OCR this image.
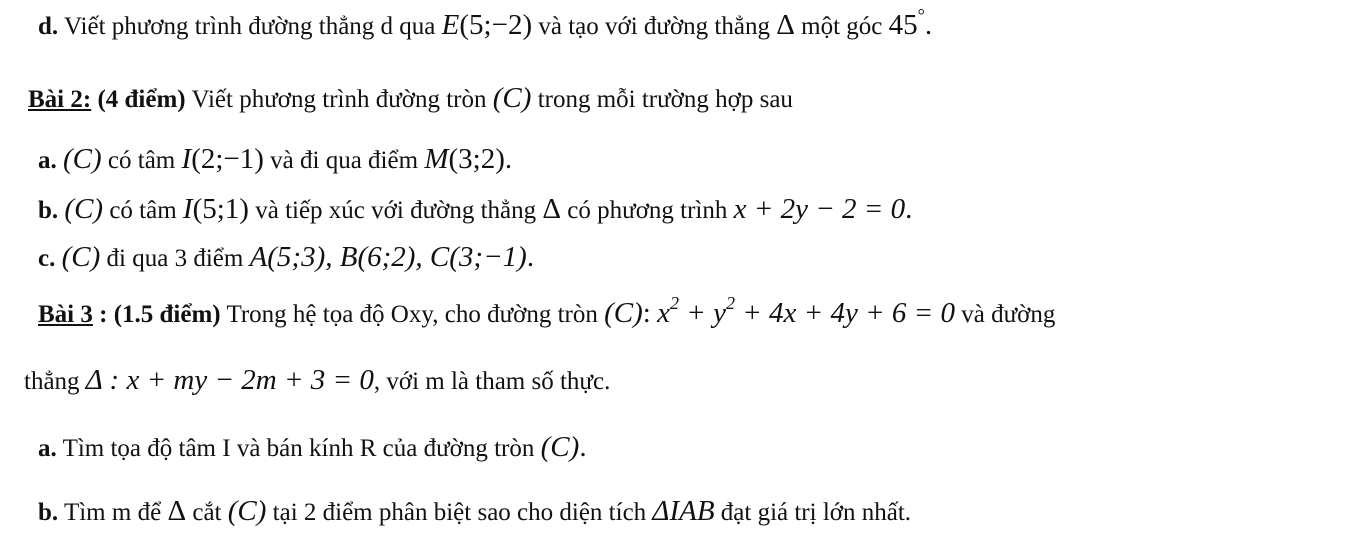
d. Viết phương trình đường thẳng d qua E(5;−2) và tạo với đường thẳng Δ một góc 45°.
Bài 2: (4 điểm) Viết phương trình đường tròn (C) trong mỗi trường hợp sau
a. (C) có tâm I(2;−1) và đi qua điểm M(3;2).
b. (C) có tâm I(5;1) và tiếp xúc với đường thẳng Δ có phương trình x + 2y − 2 = 0.
c. (C) đi qua 3 điểm A(5;3), B(6;2), C(3;−1).
Bài 3 : (1.5 điểm) Trong hệ tọa độ Oxy, cho đường tròn (C): $x^2 + y^2 + 4x + 4y + 6 = 0$ và đường
thẳng Δ : x + my − 2m + 3 = 0, với m là tham số thực.
a. Tìm tọa độ tâm I và bán kính R của đường tròn (C).
b. Tìm m để Δ cắt (C) tại 2 điểm phân biệt sao cho diện tích ΔIAB đạt giá trị lớn nhất.
